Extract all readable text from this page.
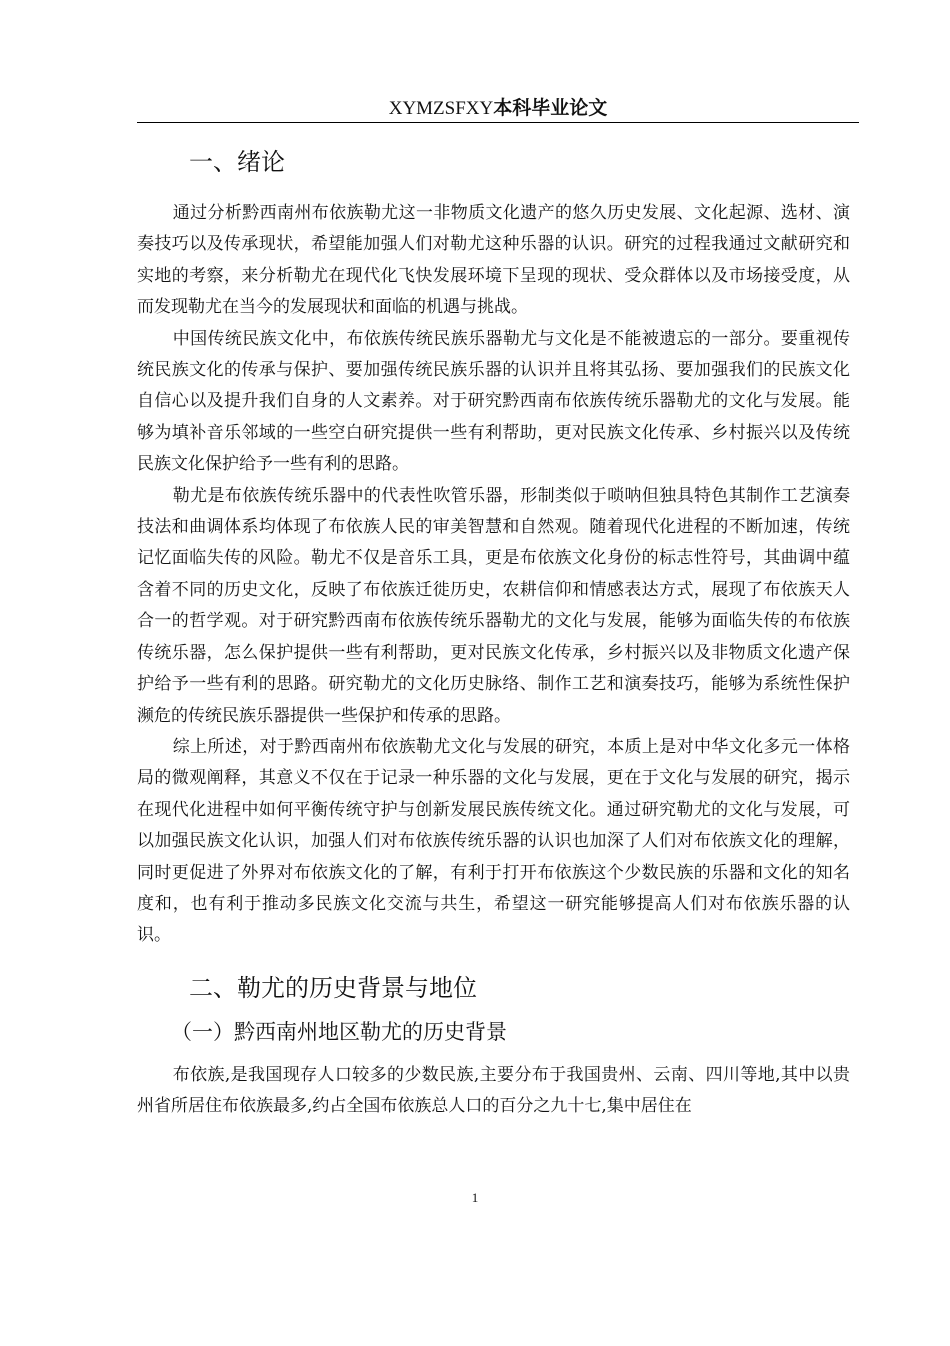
XYMZSFXY本科毕业论文
一、绪论

通过分析黔西南州布依族勒尤这一非物质文化遗产的悠久历史发展、文化起源、选材、演奏技巧以及传承现状，希望能加强人们对勒尤这种乐器的认识。研究的过程我通过文献研究和实地的考察，来分析勒尤在现代化飞快发展环境下呈现的现状、受众群体以及市场接受度，从而发现勒尤在当今的发展现状和面临的机遇与挑战。

中国传统民族文化中，布依族传统民族乐器勒尤与文化是不能被遗忘的一部分。要重视传统民族文化的传承与保护、要加强传统民族乐器的认识并且将其弘扬、要加强我们的民族文化自信心以及提升我们自身的人文素养。对于研究黔西南布依族传统乐器勒尤的文化与发展。能够为填补音乐邻域的一些空白研究提供一些有利帮助，更对民族文化传承、乡村振兴以及传统民族文化保护给予一些有利的思路。

勒尤是布依族传统乐器中的代表性吹管乐器，形制类似于唢呐但独具特色其制作工艺演奏技法和曲调体系均体现了布依族人民的审美智慧和自然观。随着现代化进程的不断加速，传统记忆面临失传的风险。勒尤不仅是音乐工具，更是布依族文化身份的标志性符号，其曲调中蕴含着不同的历史文化，反映了布依族迁徙历史，农耕信仰和情感表达方式，展现了布依族天人合一的哲学观。对于研究黔西南布依族传统乐器勒尤的文化与发展，能够为面临失传的布依族传统乐器，怎么保护提供一些有利帮助，更对民族文化传承，乡村振兴以及非物质文化遗产保护给予一些有利的思路。研究勒尤的文化历史脉络、制作工艺和演奏技巧，能够为系统性保护濒危的传统民族乐器提供一些保护和传承的思路。

综上所述，对于黔西南州布依族勒尤文化与发展的研究，本质上是对中华文化多元一体格局的微观阐释，其意义不仅在于记录一种乐器的文化与发展，更在于文化与发展的研究，揭示在现代化进程中如何平衡传统守护与创新发展民族传统文化。通过研究勒尤的文化与发展，可以加强民族文化认识，加强人们对布依族传统乐器的认识也加深了人们对布依族文化的理解，同时更促进了外界对布依族文化的了解，有利于打开布依族这个少数民族的乐器和文化的知名度和，也有利于推动多民族文化交流与共生，希望这一研究能够提高人们对布依族乐器的认识。

二、勒尤的历史背景与地位
（一）黔西南州地区勒尤的历史背景

布依族,是我国现存人口较多的少数民族,主要分布于我国贵州、云南、四川等地,其中以贵州省所居住布依族最多,约占全国布依族总人口的百分之九十七,集中居住在

1
